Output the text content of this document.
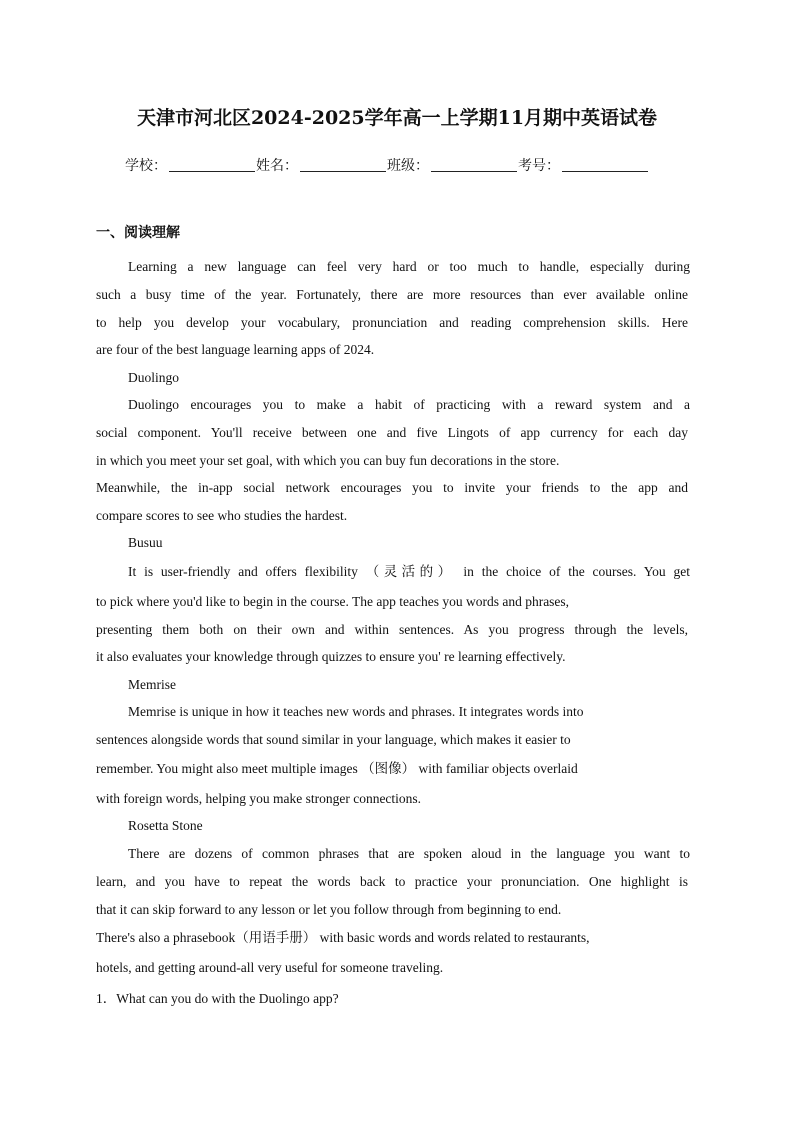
天津市河北区2024-2025学年高一上学期11月期中英语试卷
学校：	姓名：	班级：	考号：
一、阅读理解
Learning a new language can feel very hard or too much to handle, especially during
such a busy time of the year. Fortunately, there are more resources than ever available online
to help you develop your vocabulary, pronunciation and reading comprehension skills. Here
are four of the best language learning apps of 2024.
Duolingo
Duolingo encourages you to make a habit of practicing with a reward system and a
social component. You'll receive between one and five Lingots of app currency for each day
in which you meet your set goal, with which you can buy fun decorations in the store.
Meanwhile, the in-app social network encourages you to invite your friends to the app and
compare scores to see who studies the hardest.
Busuu
It is user-friendly and offers flexibility （灵活的） in the choice of the courses. You get
to pick where you'd like to begin in the course. The app teaches you words and phrases,
presenting them both on their own and within sentences. As you progress through the levels,
it also evaluates your knowledge through quizzes to ensure you' re learning effectively.
Memrise
Memrise is unique in how it teaches new words and phrases. It integrates words into
sentences alongside words that sound similar in your language, which makes it easier to
remember. You might also meet multiple images （图像） with familiar objects overlaid
with foreign words, helping you make stronger connections.
Rosetta Stone
There are dozens of common phrases that are spoken aloud in the language you want to
learn, and you have to repeat the words back to practice your pronunciation. One highlight is
that it can skip forward to any lesson or let you follow through from beginning to end.
There's also a phrasebook（用语手册） with basic words and words related to restaurants,
hotels, and getting around-all very useful for someone traveling.
1．What can you do with the Duolingo app?
